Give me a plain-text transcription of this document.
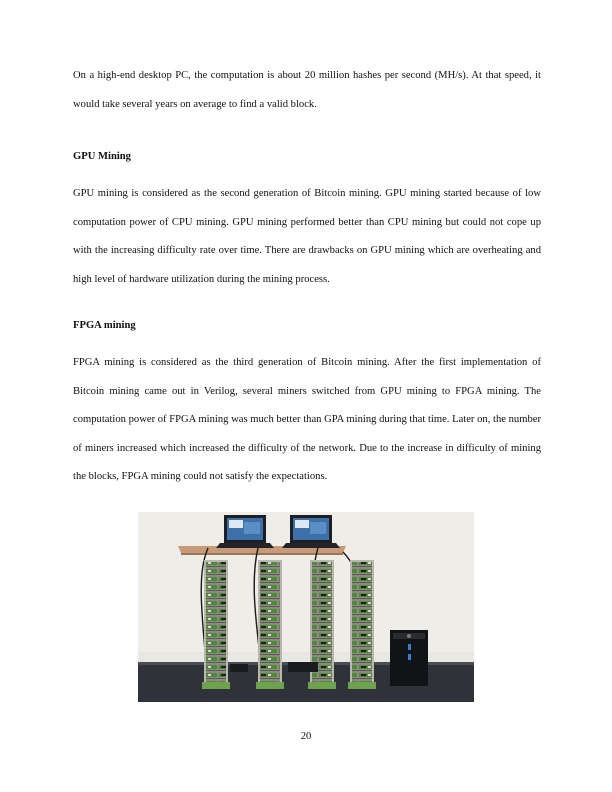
On a high-end desktop PC, the computation is about 20 million hashes per second (MH/s). At that speed, it would take several years on average to find a valid block.

GPU Mining

GPU mining is considered as the second generation of Bitcoin mining. GPU mining started because of low computation power of CPU mining. GPU mining performed better than CPU mining but could not cope up with the increasing difficulty rate over time. There are drawbacks on GPU mining which are overheating and high level of hardware utilization during the mining process.

FPGA mining

FPGA mining is considered as the third generation of Bitcoin mining. After the first implementation of Bitcoin mining came out in Verilog, several miners switched from GPU mining to FPGA mining. The computation power of FPGA mining was much better than GPA mining during that time. Later on, the number of miners increased which increased the difficulty of the network. Due to the increase in difficulty of mining the blocks, FPGA mining could not satisfy the expectations.

20
